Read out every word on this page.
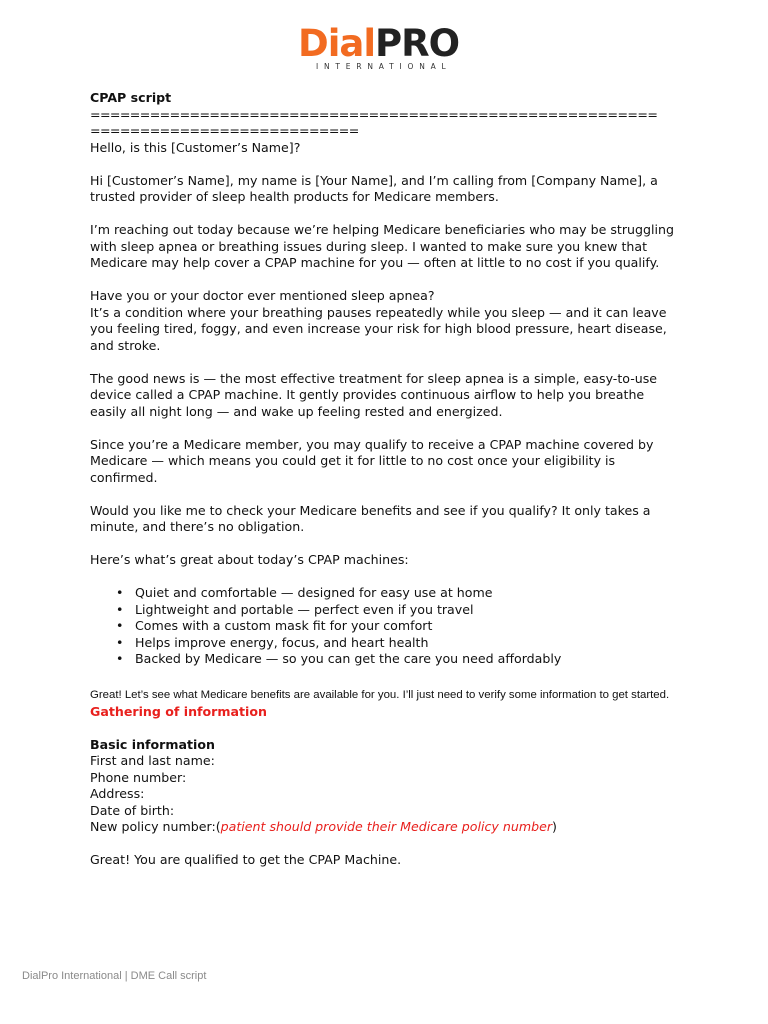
DialPRO
INTERNATIONAL

CPAP script

=========================================================

===========================

Hello, is this [Customer’s Name]?

Hi [Customer’s Name], my name is [Your Name], and I’m calling from [Company Name], a trusted provider of sleep health products for Medicare members.

I’m reaching out today because we’re helping Medicare beneficiaries who may be struggling with sleep apnea or breathing issues during sleep. I wanted to make sure you knew that Medicare may help cover a CPAP machine for you — often at little to no cost if you qualify.

Have you or your doctor ever mentioned sleep apnea?

It’s a condition where your breathing pauses repeatedly while you sleep — and it can leave you feeling tired, foggy, and even increase your risk for high blood pressure, heart disease, and stroke.

The good news is — the most effective treatment for sleep apnea is a simple, easy-to-use device called a CPAP machine. It gently provides continuous airflow to help you breathe easily all night long — and wake up feeling rested and energized.

Since you’re a Medicare member, you may qualify to receive a CPAP machine covered by Medicare — which means you could get it for little to no cost once your eligibility is confirmed.

Would you like me to check your Medicare benefits and see if you qualify? It only takes a minute, and there’s no obligation.

Here’s what’s great about today’s CPAP machines:

• Quiet and comfortable — designed for easy use at home
• Lightweight and portable — perfect even if you travel
• Comes with a custom mask fit for your comfort
• Helps improve energy, focus, and heart health
• Backed by Medicare — so you can get the care you need affordably

Great! Let’s see what Medicare benefits are available for you. I’ll just need to verify some information to get started.

Gathering of information

Basic information

First and last name:

Phone number:

Address:

Date of birth:

New policy number:(patient should provide their Medicare policy number)

Great! You are qualified to get the CPAP Machine.

DialPro International | DME Call script
